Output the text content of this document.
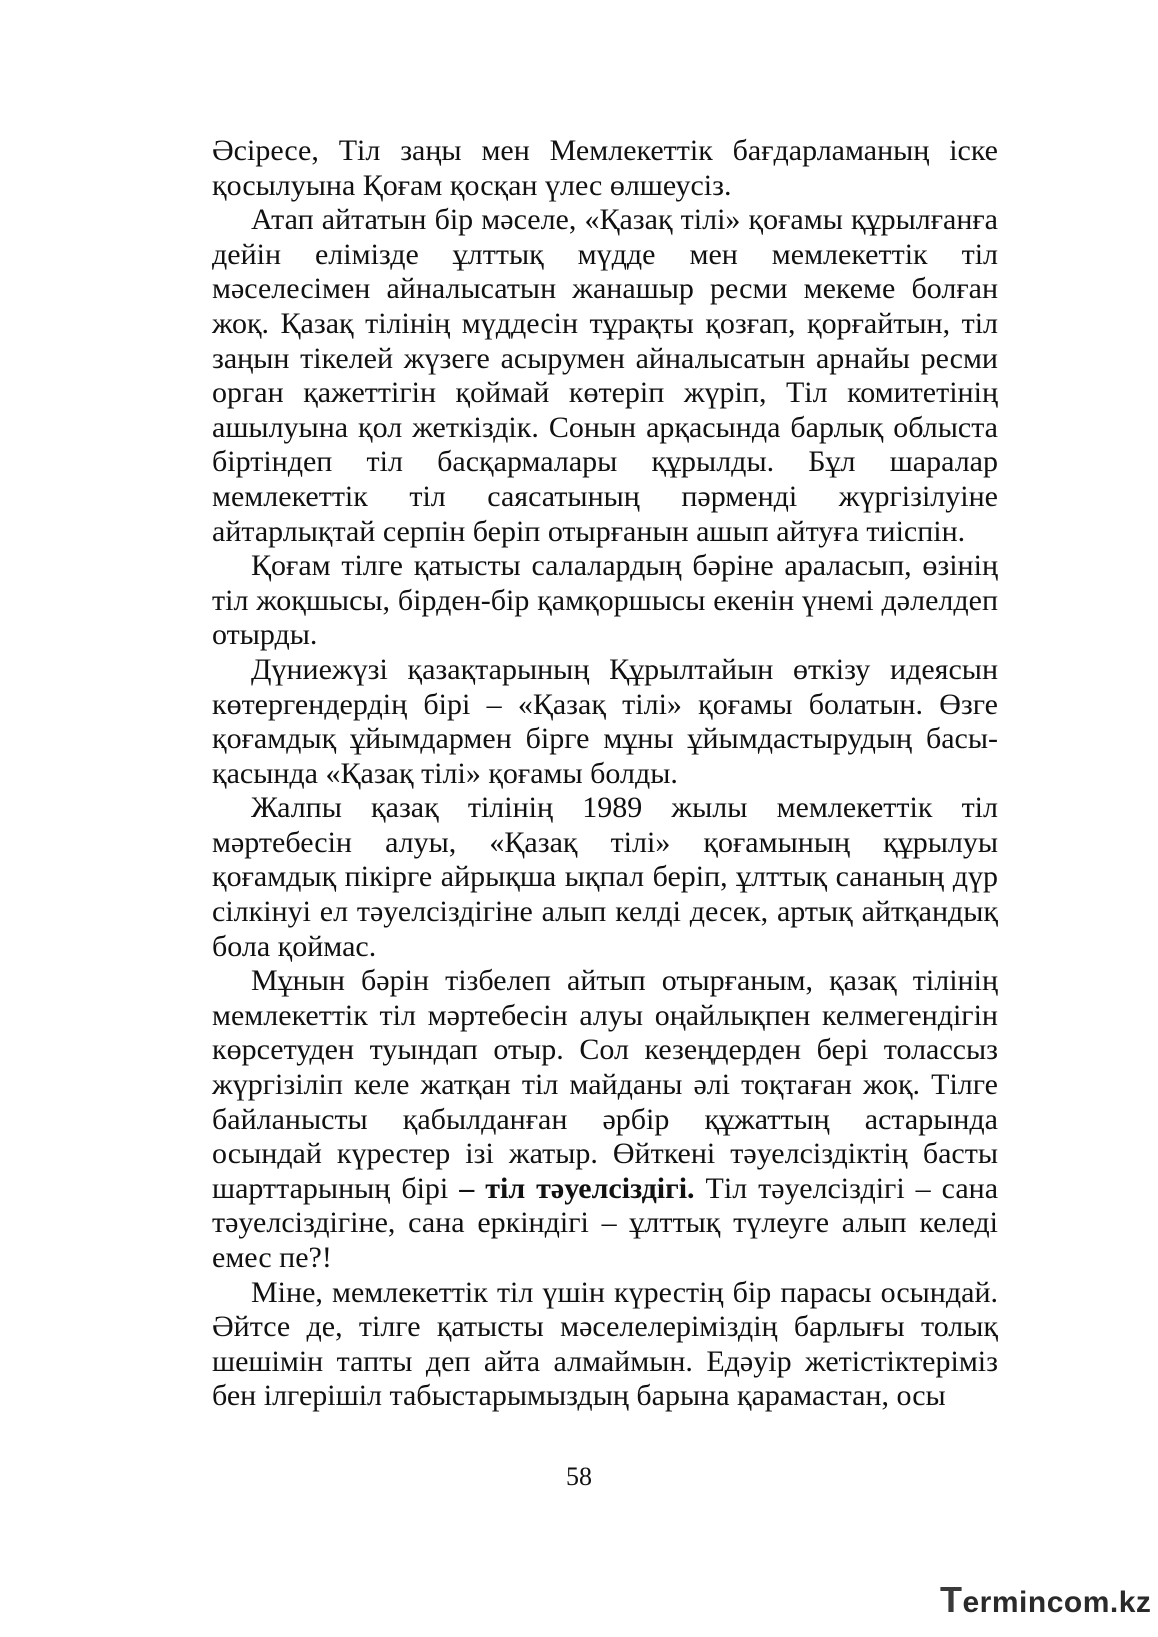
Әсіресе, Тіл заңы мен Мемлекеттік бағдарламаның іске қосылуына Қоғам қосқан үлес өлшеусіз.

Атап айтатын бір мәселе, «Қазақ тілі» қоғамы құрылғанға дейін елімізде ұлттық мүдде мен мемлекеттік тіл мәселесімен айналысатын жанашыр ресми мекеме болған жоқ. Қазақ тілінің мүддесін тұрақты қозғап, қорғайтын, тіл заңын тікелей жүзеге асырумен айналысатын арнайы ресми орган қажеттігін қоймай көтеріп жүріп, Тіл комитетінің ашылуына қол жеткіздік. Сонын арқасында барлық облыста біртіндеп тіл басқармалары құрылды. Бұл шаралар мемлекеттік тіл саясатының пәрменді жүргізілуіне айтарлықтай серпін беріп отырғанын ашып айтуға тиіспін.

Қоғам тілге қатысты салалардың бәріне араласып, өзінің тіл жоқшысы, бірден-бір қамқоршысы екенін үнемі дәлелдеп отырды.

Дүниежүзі қазақтарының Құрылтайын өткізу идеясын көтергендердің бірі – «Қазақ тілі» қоғамы болатын. Өзге қоғамдық ұйымдармен бірге мұны ұйымдастырудың басы-қасында «Қазақ тілі» қоғамы болды.

Жалпы қазақ тілінің 1989 жылы мемлекеттік тіл мәртебесін алуы, «Қазақ тілі» қоғамының құрылуы қоғамдық пікірге айрықша ықпал беріп, ұлттық сананың дүр сілкінуі ел тәуелсіздігіне алып келді десек, артық айтқандық бола қоймас.

Мұнын бәрін тізбелеп айтып отырғаным, қазақ тілінің мемлекеттік тіл мәртебесін алуы оңайлықпен келмегендігін көрсетуден туындап отыр. Сол кезеңдерден бері толассыз жүргізіліп келе жатқан тіл майданы әлі тоқтаған жоқ. Тілге байланысты қабылданған әрбір құжаттың астарында осындай күрестер ізі жатыр. Өйткені тәуелсіздіктің басты шарттарының бірі – тіл тәуелсіздігі. Тіл тәуелсіздігі – сана тәуелсіздігіне, сана еркіндігі – ұлттық түлеуге алып келеді емес пе?!

Міне, мемлекеттік тіл үшін күрестің бір парасы осындай. Әйтсе де, тілге қатысты мәселелеріміздің барлығы толық шешімін тапты деп айта алмаймын. Едәуір жетістіктеріміз бен ілгерішіл табыстарымыздың барына қарамастан, осы

58
Termincom.kz
